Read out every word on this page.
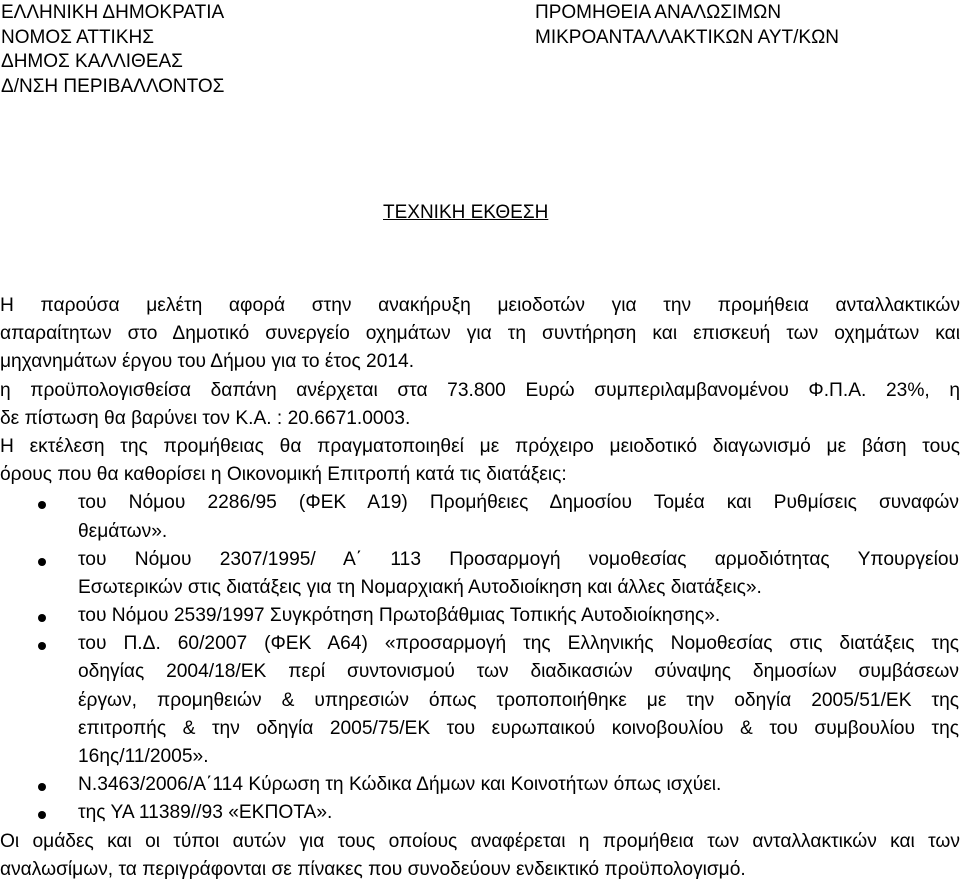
ΕΛΛΗΝΙΚΗ ΔΗΜΟΚΡΑΤΙΑ
ΝΟΜΟΣ ΑΤΤΙΚΗΣ
ΔΗΜΟΣ ΚΑΛΛΙΘΕΑΣ
Δ/ΝΣΗ ΠΕΡΙΒΑΛΛΟΝΤΟΣ
ΠΡΟΜΗΘΕΙΑ ΑΝΑΛΩΣΙΜΩΝ
ΜΙΚΡΟΑΝΤΑΛΛΑΚΤΙΚΩΝ ΑΥΤ/ΚΩΝ
ΤΕΧΝΙΚΗ ΕΚΘΕΣΗ
Η παρούσα μελέτη αφορά στην ανακήρυξη μειοδοτών για την προμήθεια ανταλλακτικών
απαραίτητων στο Δημοτικό συνεργείο οχημάτων για τη συντήρηση και επισκευή των οχημάτων και
μηχανημάτων έργου του Δήμου για το έτος 2014.
η προϋπολογισθείσα δαπάνη ανέρχεται στα 73.800 Ευρώ συμπεριλαμβανομένου Φ.Π.Α. 23%, η
δε πίστωση θα βαρύνει τον Κ.Α. : 20.6671.0003.
Η εκτέλεση της προμήθειας θα πραγματοποιηθεί με πρόχειρο μειοδοτικό διαγωνισμό με βάση τους
όρους που θα καθορίσει η Οικονομική Επιτροπή κατά τις διατάξεις:
του Νόμου 2286/95 (ΦΕΚ Α19) Προμήθειες Δημοσίου Τομέα και Ρυθμίσεις συναφών
θεμάτων».
του Νόμου 2307/1995/ Α΄ 113 Προσαρμογή νομοθεσίας αρμοδιότητας Υπουργείου
Εσωτερικών στις διατάξεις για τη Νομαρχιακή Αυτοδιοίκηση και άλλες διατάξεις».
του Νόμου 2539/1997 Συγκρότηση Πρωτοβάθμιας Τοπικής Αυτοδιοίκησης».
του Π.Δ. 60/2007 (ΦΕΚ Α64) «προσαρμογή της Ελληνικής Νομοθεσίας στις διατάξεις της
οδηγίας 2004/18/ΕΚ περί συντονισμού των διαδικασιών σύναψης δημοσίων συμβάσεων
έργων, προμηθειών & υπηρεσιών όπως τροποποιήθηκε με την οδηγία 2005/51/ΕΚ της
επιτροπής & την οδηγία 2005/75/ΕΚ του ευρωπαικού κοινοβουλίου & του συμβουλίου της
16ης/11/2005».
Ν.3463/2006/Α΄114 Κύρωση τη Κώδικα Δήμων και Κοινοτήτων όπως ισχύει.
της ΥΑ 11389//93 «ΕΚΠΟΤΑ».
Οι ομάδες και οι τύποι αυτών για τους οποίους αναφέρεται η προμήθεια των ανταλλακτικών και των
αναλωσίμων, τα περιγράφονται σε πίνακες που συνοδεύουν ενδεικτικό προϋπολογισμό.
